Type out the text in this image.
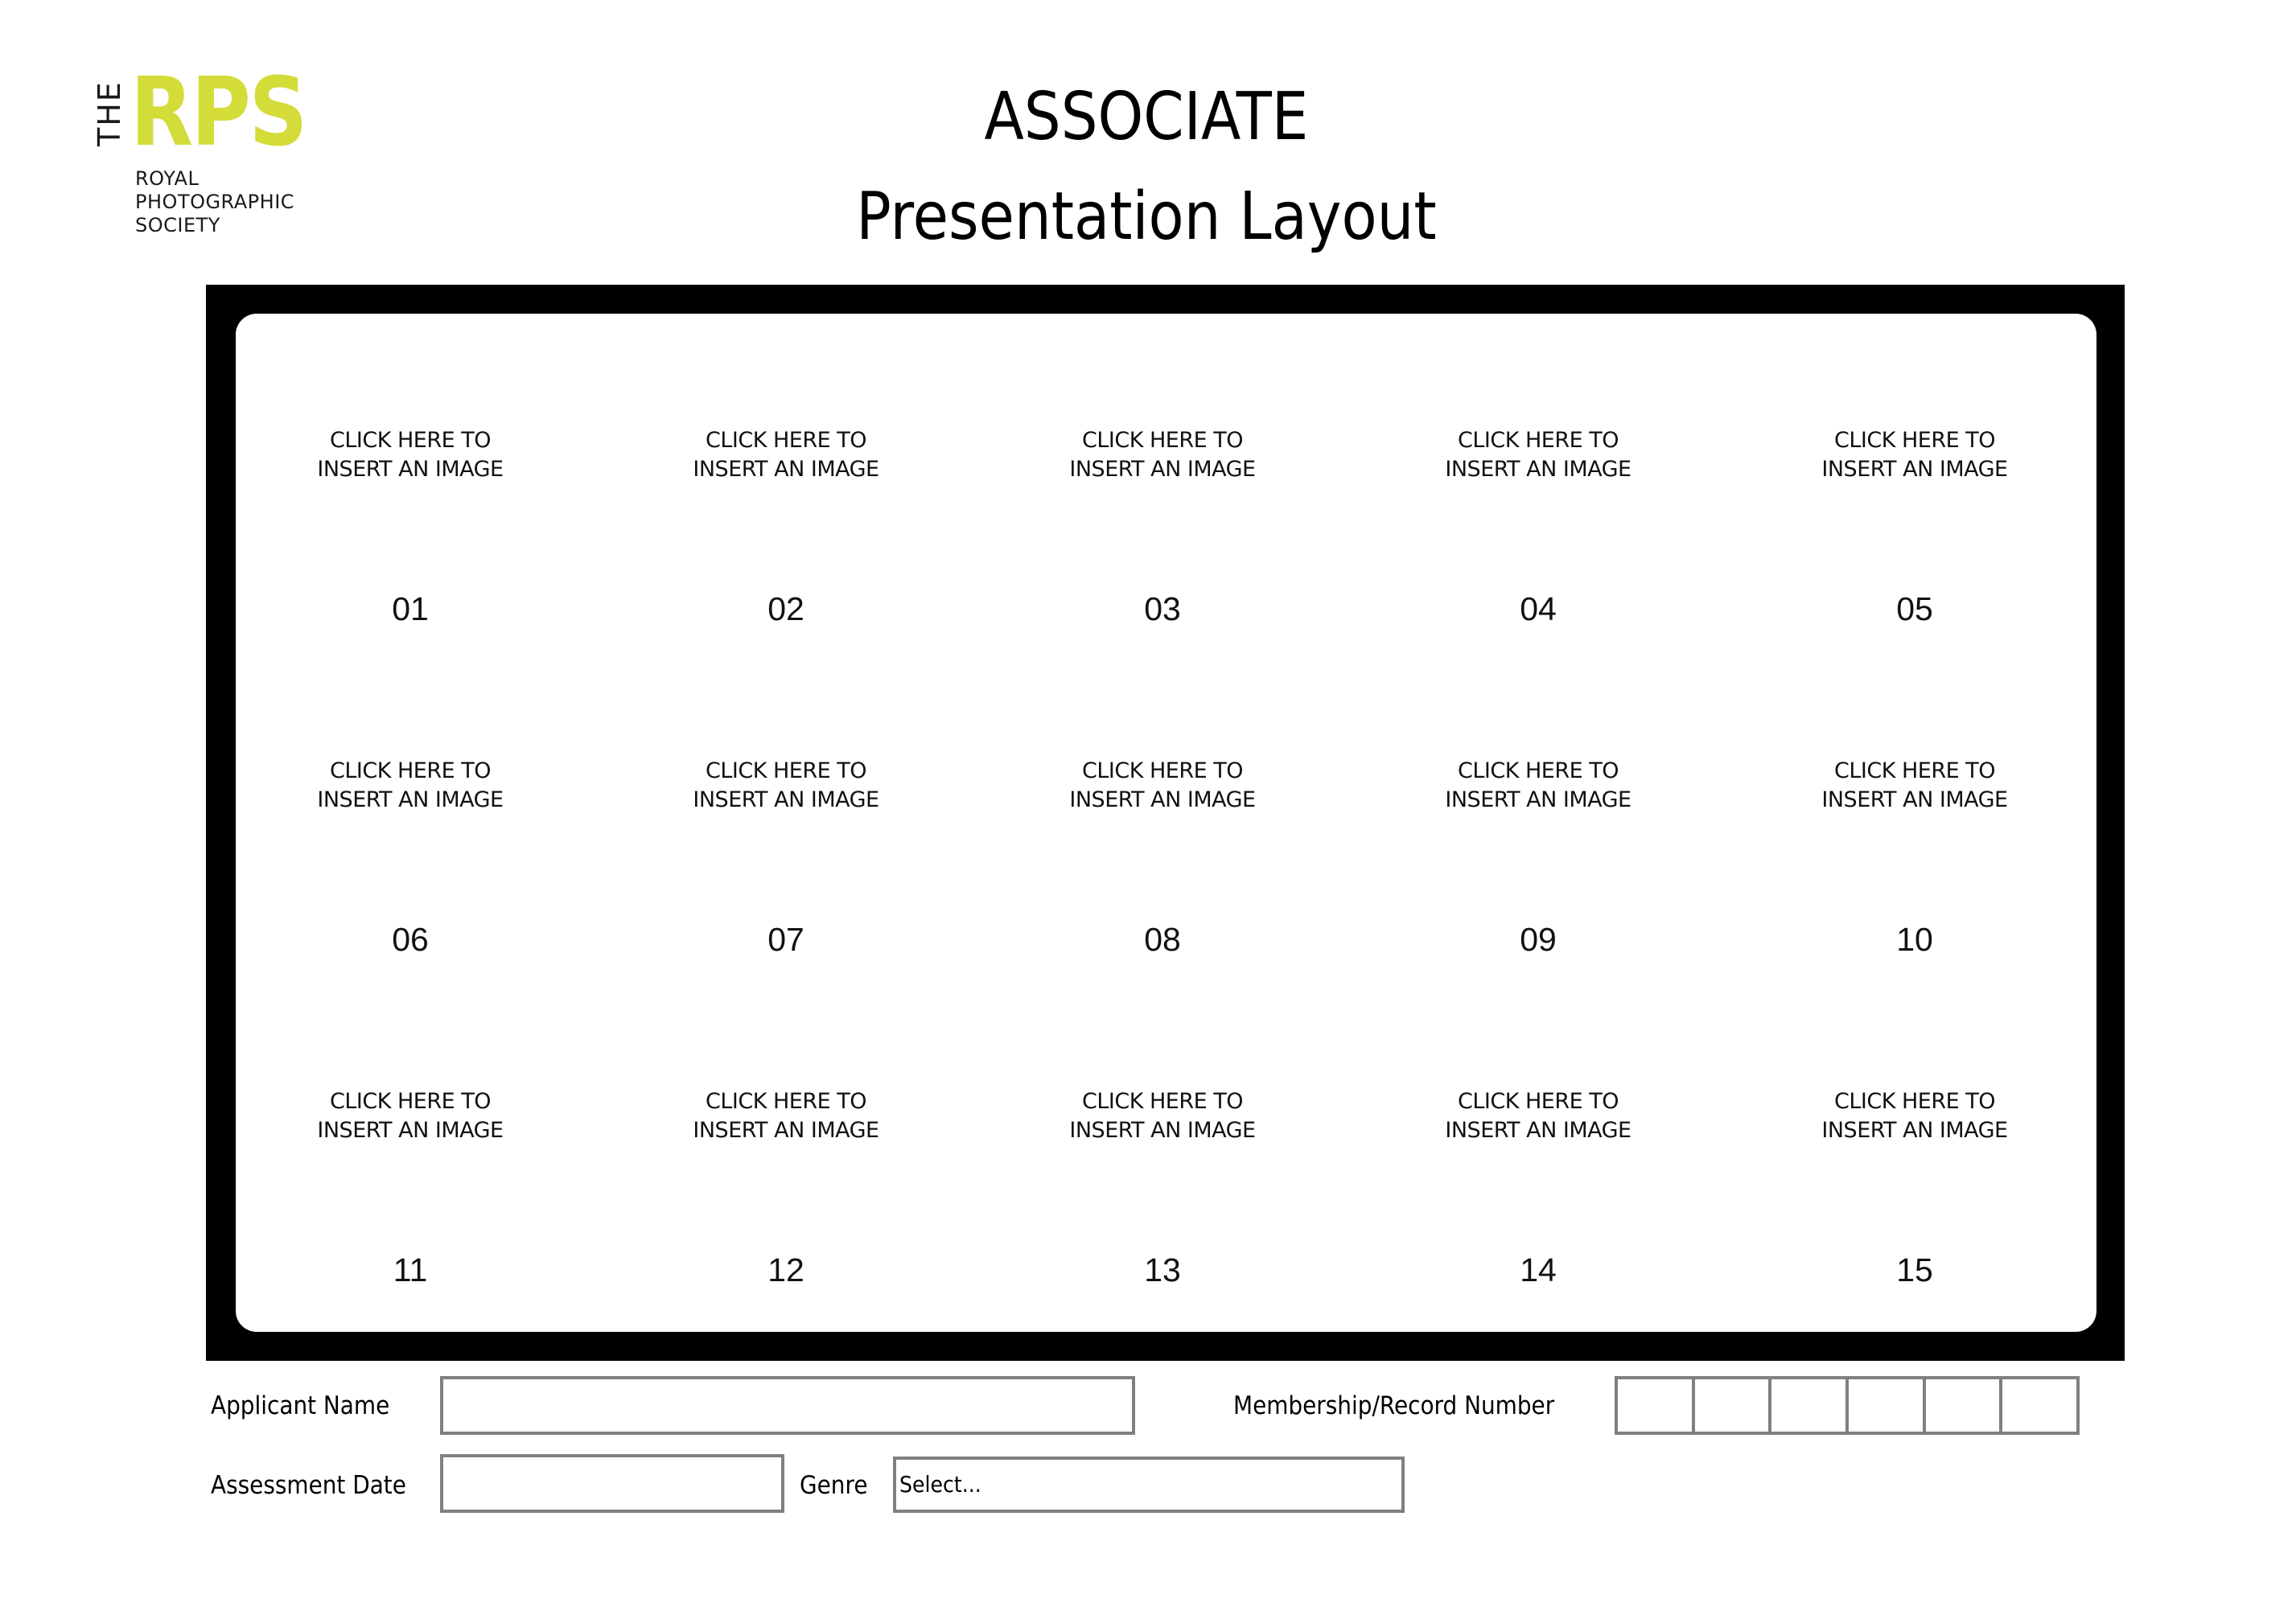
THE RPS
ROYAL
PHOTOGRAPHIC
SOCIETY
ASSOCIATE
Presentation Layout
CLICK HERE TO
INSERT AN IMAGE
01
CLICK HERE TO
INSERT AN IMAGE
02
CLICK HERE TO
INSERT AN IMAGE
03
CLICK HERE TO
INSERT AN IMAGE
04
CLICK HERE TO
INSERT AN IMAGE
05
CLICK HERE TO
INSERT AN IMAGE
06
CLICK HERE TO
INSERT AN IMAGE
07
CLICK HERE TO
INSERT AN IMAGE
08
CLICK HERE TO
INSERT AN IMAGE
09
CLICK HERE TO
INSERT AN IMAGE
10
CLICK HERE TO
INSERT AN IMAGE
11
CLICK HERE TO
INSERT AN IMAGE
12
CLICK HERE TO
INSERT AN IMAGE
13
CLICK HERE TO
INSERT AN IMAGE
14
CLICK HERE TO
INSERT AN IMAGE
15
Applicant Name	Membership/Record Number
Assessment Date	Genre Select...
